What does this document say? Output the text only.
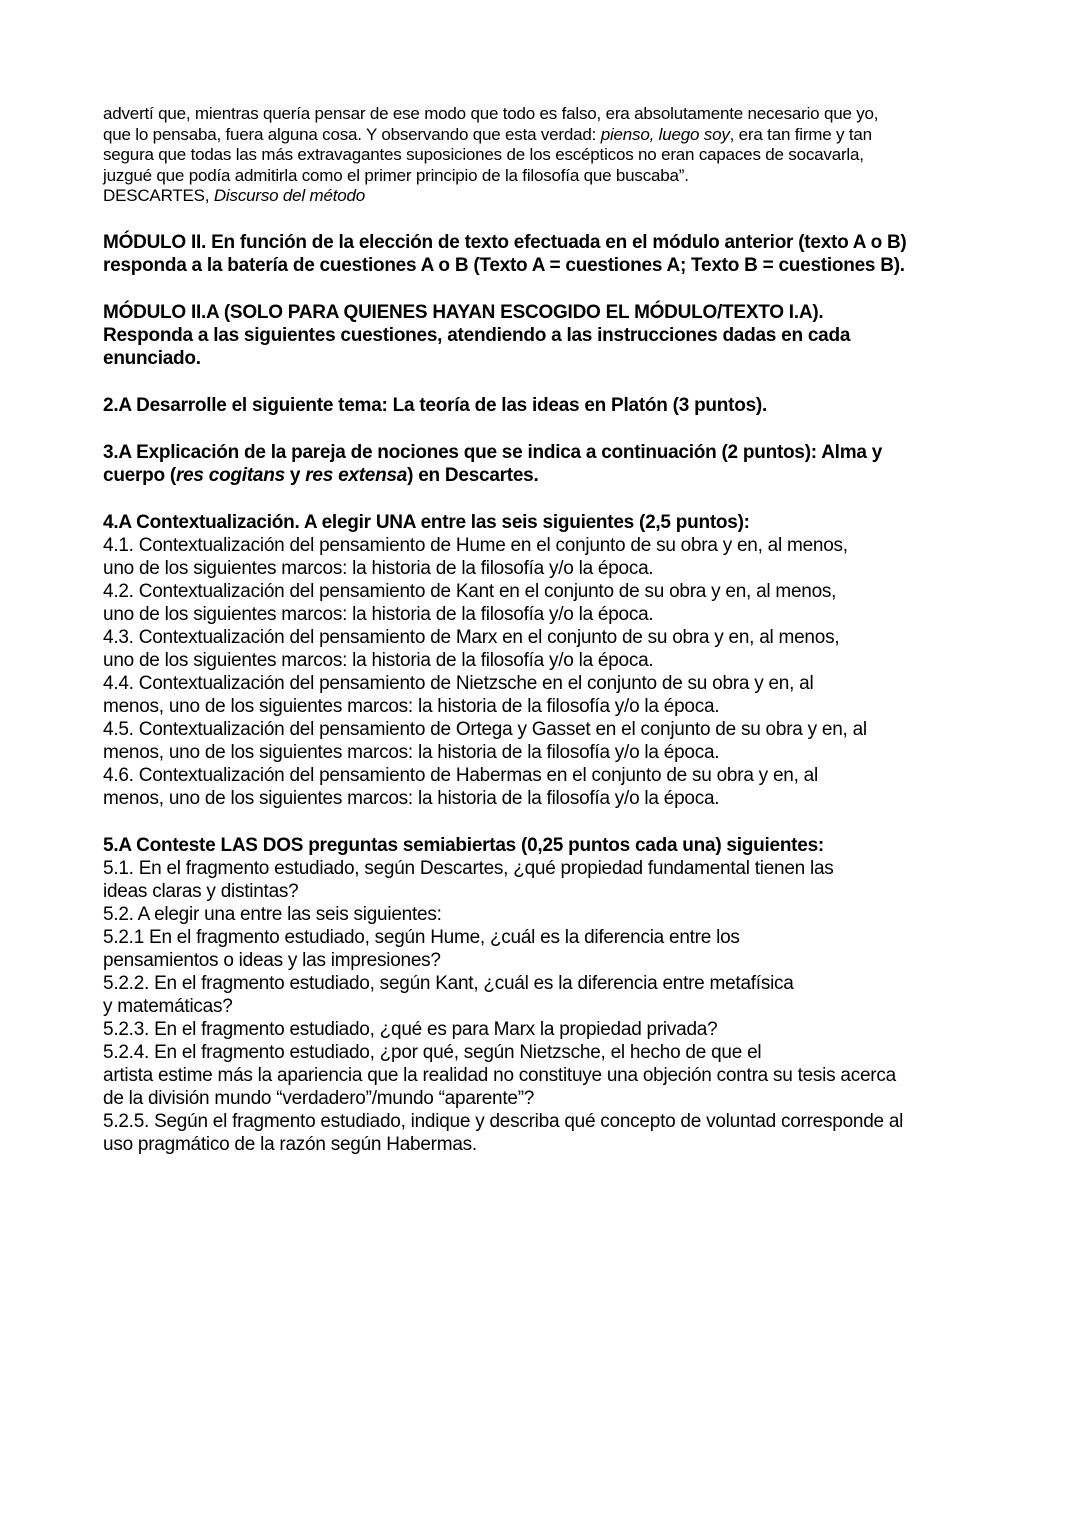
advertí que, mientras quería pensar de ese modo que todo es falso, era absolutamente necesario que yo,
que lo pensaba, fuera alguna cosa. Y observando que esta verdad: pienso, luego soy, era tan firme y tan
segura que todas las más extravagantes suposiciones de los escépticos no eran capaces de socavarla,
juzgué que podía admitirla como el primer principio de la filosofía que buscaba”.
DESCARTES, Discurso del método
MÓDULO II. En función de la elección de texto efectuada en el módulo anterior (texto A o B)
responda a la batería de cuestiones A o B (Texto A = cuestiones A; Texto B = cuestiones B).
MÓDULO II.A (SOLO PARA QUIENES HAYAN ESCOGIDO EL MÓDULO/TEXTO I.A).
Responda a las siguientes cuestiones, atendiendo a las instrucciones dadas en cada
enunciado.
2.A Desarrolle el siguiente tema: La teoría de las ideas en Platón (3 puntos).
3.A Explicación de la pareja de nociones que se indica a continuación (2 puntos): Alma y
cuerpo (res cogitans y res extensa) en Descartes.
4.A Contextualización. A elegir UNA entre las seis siguientes (2,5 puntos):
4.1. Contextualización del pensamiento de Hume en el conjunto de su obra y en, al menos,
uno de los siguientes marcos: la historia de la filosofía y/o la época.
4.2. Contextualización del pensamiento de Kant en el conjunto de su obra y en, al menos,
uno de los siguientes marcos: la historia de la filosofía y/o la época.
4.3. Contextualización del pensamiento de Marx en el conjunto de su obra y en, al menos,
uno de los siguientes marcos: la historia de la filosofía y/o la época.
4.4. Contextualización del pensamiento de Nietzsche en el conjunto de su obra y en, al
menos, uno de los siguientes marcos: la historia de la filosofía y/o la época.
4.5. Contextualización del pensamiento de Ortega y Gasset en el conjunto de su obra y en, al
menos, uno de los siguientes marcos: la historia de la filosofía y/o la época.
4.6. Contextualización del pensamiento de Habermas en el conjunto de su obra y en, al
menos, uno de los siguientes marcos: la historia de la filosofía y/o la época.
5.A Conteste LAS DOS preguntas semiabiertas (0,25 puntos cada una) siguientes:
5.1. En el fragmento estudiado, según Descartes, ¿qué propiedad fundamental tienen las
ideas claras y distintas?
5.2. A elegir una entre las seis siguientes:
5.2.1 En el fragmento estudiado, según Hume, ¿cuál es la diferencia entre los
pensamientos o ideas y las impresiones?
5.2.2. En el fragmento estudiado, según Kant, ¿cuál es la diferencia entre metafísica
y matemáticas?
5.2.3. En el fragmento estudiado, ¿qué es para Marx la propiedad privada?
5.2.4. En el fragmento estudiado, ¿por qué, según Nietzsche, el hecho de que el
artista estime más la apariencia que la realidad no constituye una objeción contra su tesis acerca
de la división mundo “verdadero”/mundo “aparente”?
5.2.5. Según el fragmento estudiado, indique y describa qué concepto de voluntad corresponde al
uso pragmático de la razón según Habermas.
